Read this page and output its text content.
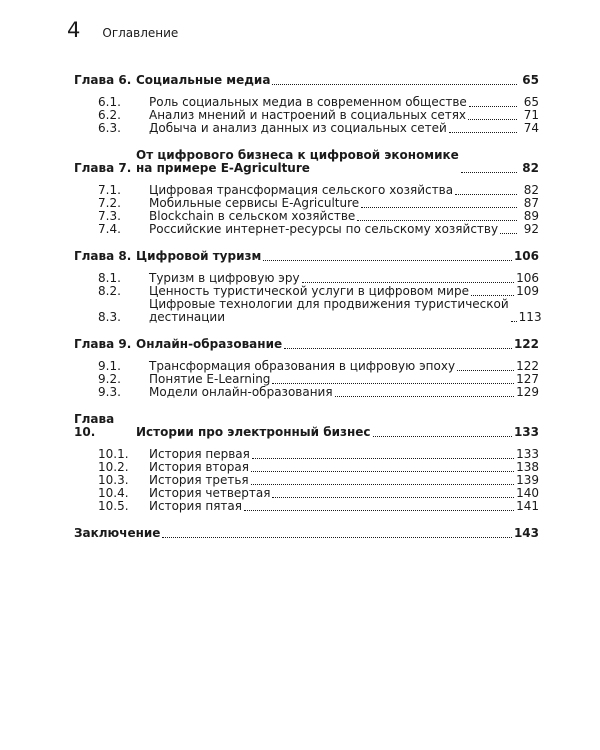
4 Оглавление
Глава 6. Социальные медиа	65
6.1.	Роль социальных медиа в современном обществе	65
6.2.	Анализ мнений и настроений в социальных сетях	71
6.3.	Добыча и анализ данных из социальных сетей	74
Глава 7.
От цифрового бизнеса к цифровой экономике
на примере E-Agriculture	82
7.1.	Цифровая трансформация сельского хозяйства	82
7.2.	Мобильные сервисы E-Agriculture	87
7.3.	Blockchain в сельском хозяйстве	89
7.4.	Российские интернет-ресурсы по сельскому хозяйству	92
Глава 8. Цифровой туризм	106
8.1.	Туризм в цифровую эру	106
8.2.	Ценность туристической услуги в цифровом мире	109
8.3.
Цифровые технологии для продвижения туристической
дестинации	113
Глава 9. Онлайн-образование	122
9.1.	Трансформация образования в цифровую эпоху	122
9.2.	Понятие E-Learning	127
9.3.	Модели онлайн-образования	129
Глава 10.	Истории про электронный бизнес	133
10.1.	История первая	133
10.2.	История вторая	138
10.3.	История третья	139
10.4.	История четвертая	140
10.5.	История пятая	141
Заключение	143
